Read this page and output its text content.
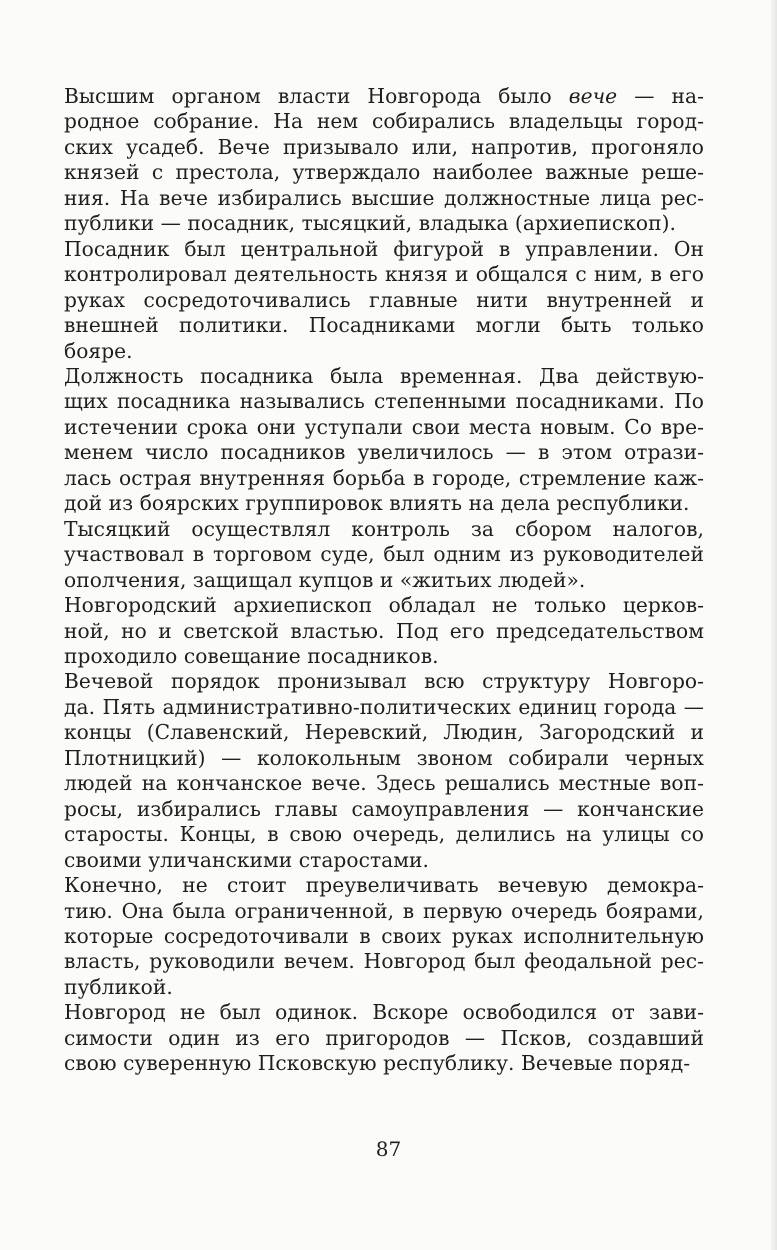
Высшим органом власти Новгорода было вече — на-
родное собрание. На нем собирались владельцы город-
ских усадеб. Вече призывало или, напротив, прогоняло
князей с престола, утверждало наиболее важные реше-
ния. На вече избирались высшие должностные лица рес-
публики — посадник, тысяцкий, владыка (архиепископ).
Посадник был центральной фигурой в управлении. Он
контролировал деятельность князя и общался с ним, в его
руках сосредоточивались главные нити внутренней и
внешней политики. Посадниками могли быть только
бояре.
Должность посадника была временная. Два действую-
щих посадника назывались степенными посадниками. По
истечении срока они уступали свои места новым. Со вре-
менем число посадников увеличилось — в этом отрази-
лась острая внутренняя борьба в городе, стремление каж-
дой из боярских группировок влиять на дела республики.
Тысяцкий осуществлял контроль за сбором налогов,
участвовал в торговом суде, был одним из руководителей
ополчения, защищал купцов и «житьих людей».
Новгородский архиепископ обладал не только церков-
ной, но и светской властью. Под его председательством
проходило совещание посадников.
Вечевой порядок пронизывал всю структуру Новгоро-
да. Пять административно-политических единиц города —
концы (Славенский, Неревский, Людин, Загородский и
Плотницкий) — колокольным звоном собирали черных
людей на кончанское вече. Здесь решались местные воп-
росы, избирались главы самоуправления — кончанские
старосты. Концы, в свою очередь, делились на улицы со
своими уличанскими старостами.
Конечно, не стоит преувеличивать вечевую демокра-
тию. Она была ограниченной, в первую очередь боярами,
которые сосредоточивали в своих руках исполнительную
власть, руководили вечем. Новгород был феодальной рес-
публикой.
Новгород не был одинок. Вскоре освободился от зави-
симости один из его пригородов — Псков, создавший
свою суверенную Псковскую республику. Вечевые поряд-
87
